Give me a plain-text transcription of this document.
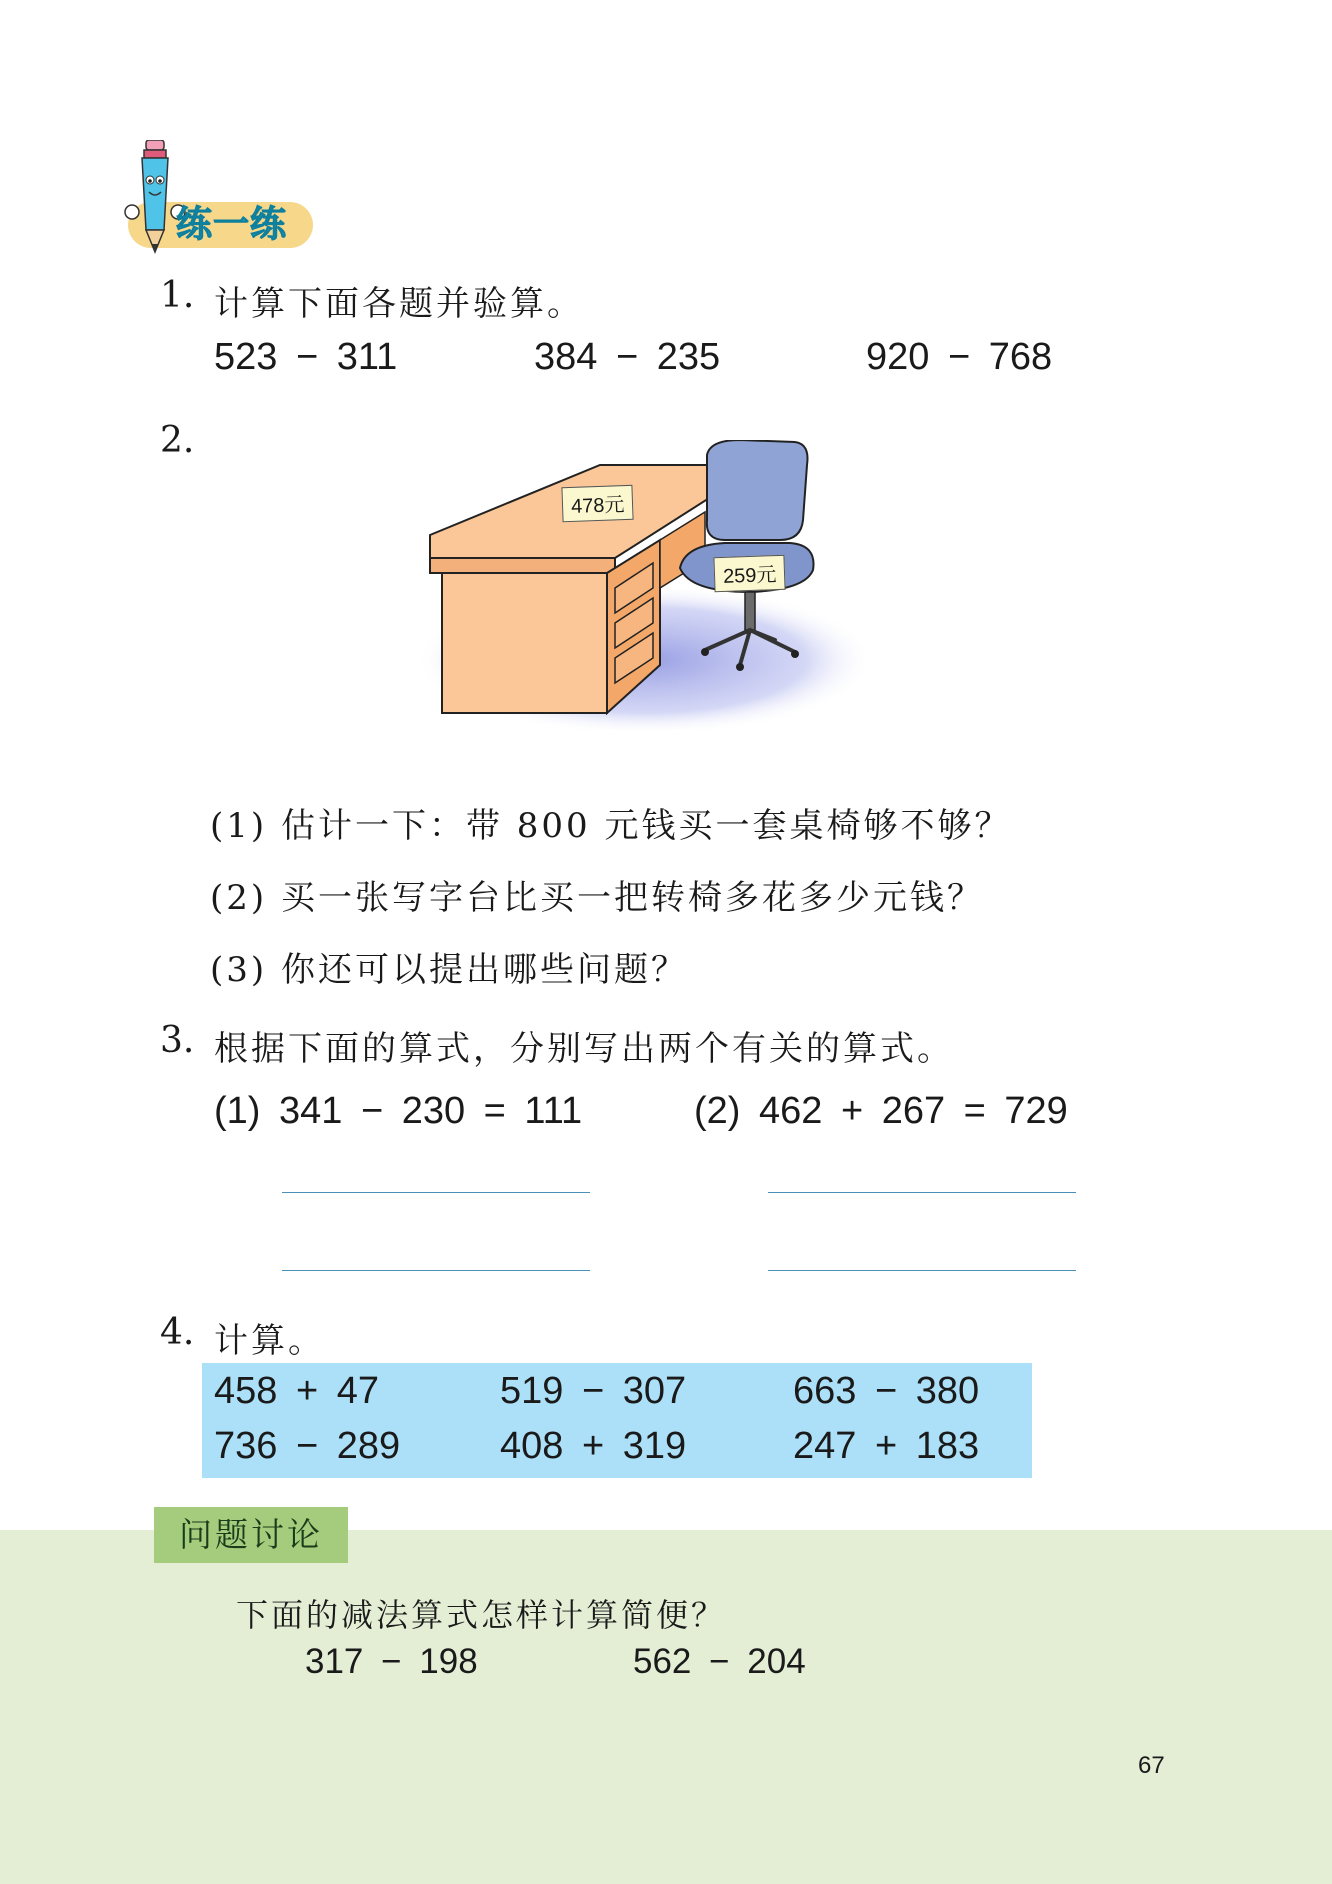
练一练
1. 计算下面各题并验算。
523 − 311	384 − 235	920 − 768
2.
478元
259元
(1) 估计一下：带 800 元钱买一套桌椅够不够？
(2) 买一张写字台比买一把转椅多花多少元钱？
(3) 你还可以提出哪些问题？
3. 根据下面的算式，分别写出两个有关的算式。
(1) 341 − 230 = 111	(2) 462 + 267 = 729
4. 计算。
458 + 47	519 − 307	663 − 380
736 − 289	408 + 319	247 + 183
问题讨论
下面的减法算式怎样计算简便？
317 − 198	562 − 204
67
